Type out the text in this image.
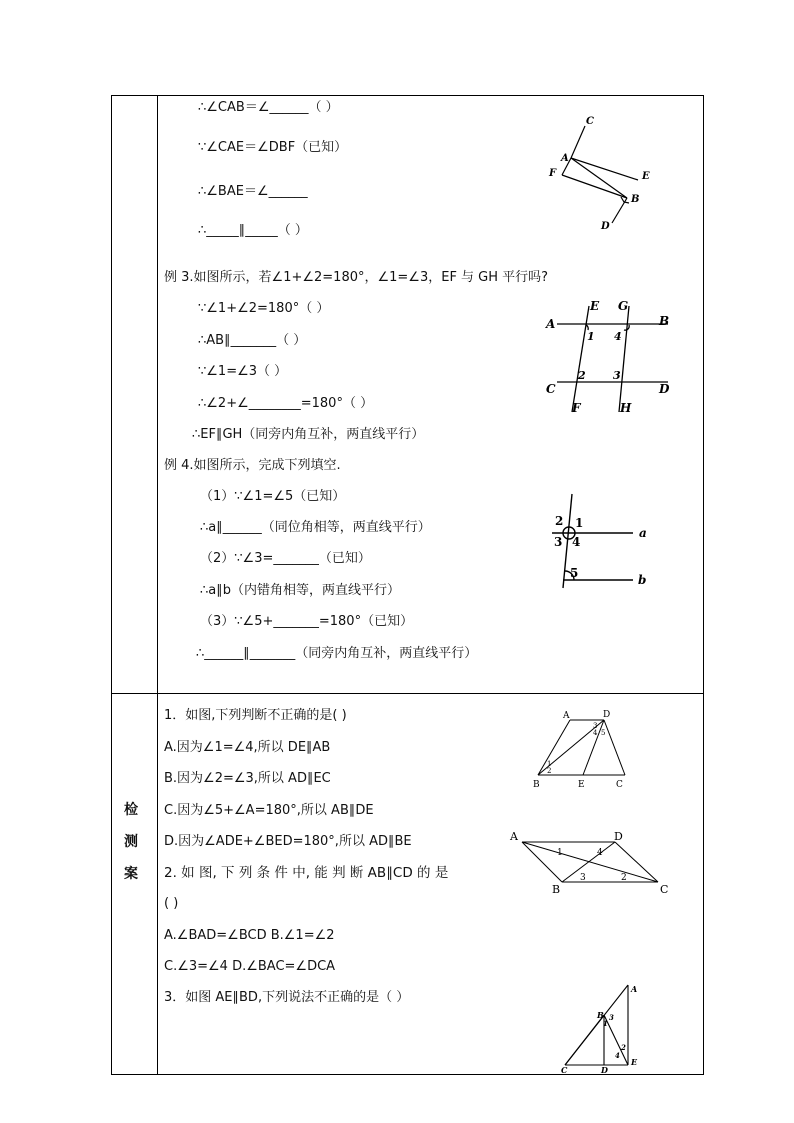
检
测
案
∴∠CAB＝∠______（ ）
∵∠CAE＝∠DBF（已知）
∴∠BAE＝∠______
∴_____∥_____（ ）
例 3.如图所示，若∠1+∠2=180°，∠1=∠3，EF 与 GH 平行吗?
∵∠1+∠2=180°（ ）
∴AB∥_______（ ）
∵∠1=∠3（ ）
∴∠2+∠________=180°（ ）
∴EF∥GH（同旁内角互补，两直线平行）
例 4.如图所示，完成下列填空.
（1）∵∠1=∠5（已知）
∴a∥______（同位角相等，两直线平行）
（2）∵∠3=_______（已知）
∴a∥b（内错角相等，两直线平行）
（3）∵∠5+_______=180°（已知）
∴______∥_______（同旁内角互补，两直线平行）
1．如图,下列判断不正确的是( )
A.因为∠1=∠4,所以 DE∥AB
B.因为∠2=∠3,所以 AD∥EC
C.因为∠5+∠A=180°,所以 AB∥DE
D.因为∠ADE+∠BED=180°,所以 AD∥BE
2. 如 图, 下 列 条 件 中, 能 判 断 AB∥CD 的 是
( )
A.∠BAD=∠BCD B.∠1=∠2
C.∠3=∠4 D.∠BAC=∠DCA
3．如图 AE∥BD,下列说法不正确的是（ ）
C
A
F	E
B
D
A
E G
B
1 4
C
2 3
D
F	H
2 1
a
3 4
5	b
A	D
3
4 5
1
2
B	E	C
A	D
1	4
3	2
B	C
A
B
1
3
2
4
E
C	D
